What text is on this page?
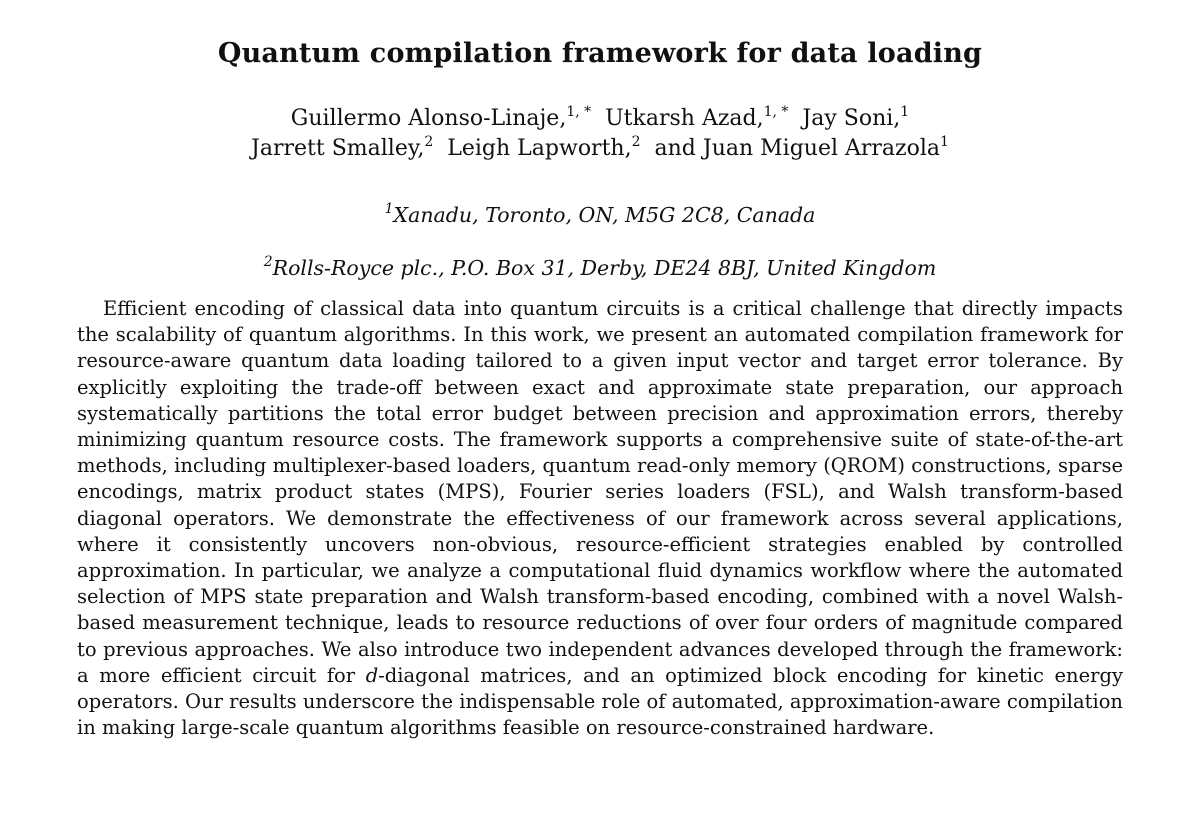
Quantum compilation framework for data loading
Guillermo Alonso-Linaje,$^{1, *}$ Utkarsh Azad,$^{1, *}$ Jay Soni,$^1$
Jarrett Smalley,$^2$ Leigh Lapworth,$^2$ and Juan Miguel Arrazola$^1$
$^1$Xanadu, Toronto, ON, M5G 2C8, Canada
$^2$Rolls-Royce plc., P.O. Box 31, Derby, DE24 8BJ, United Kingdom

Efficient encoding of classical data into quantum circuits is a critical challenge that directly impacts the scalability of quantum algorithms. In this work, we present an automated compilation framework for resource-aware quantum data loading tailored to a given input vector and target error tolerance. By explicitly exploiting the trade-off between exact and approximate state preparation, our approach systematically partitions the total error budget between precision and approximation errors, thereby minimizing quantum resource costs. The framework supports a comprehensive suite of state-of-the-art methods, including multiplexer-based loaders, quantum read-only memory (QROM) constructions, sparse encodings, matrix product states (MPS), Fourier series loaders (FSL), and Walsh transform-based diagonal operators. We demonstrate the effectiveness of our framework across several applications, where it consistently uncovers non-obvious, resource-efficient strategies enabled by controlled approximation. In particular, we analyze a computational fluid dynamics workflow where the automated selection of MPS state preparation and Walsh transform-based encoding, combined with a novel Walsh-based measurement technique, leads to resource reductions of over four orders of magnitude compared to previous approaches. We also introduce two independent advances developed through the framework: a more efficient circuit for d-diagonal matrices, and an optimized block encoding for kinetic energy operators. Our results underscore the indispensable role of automated, approximation-aware compilation in making large-scale quantum algorithms feasible on resource-constrained hardware.
